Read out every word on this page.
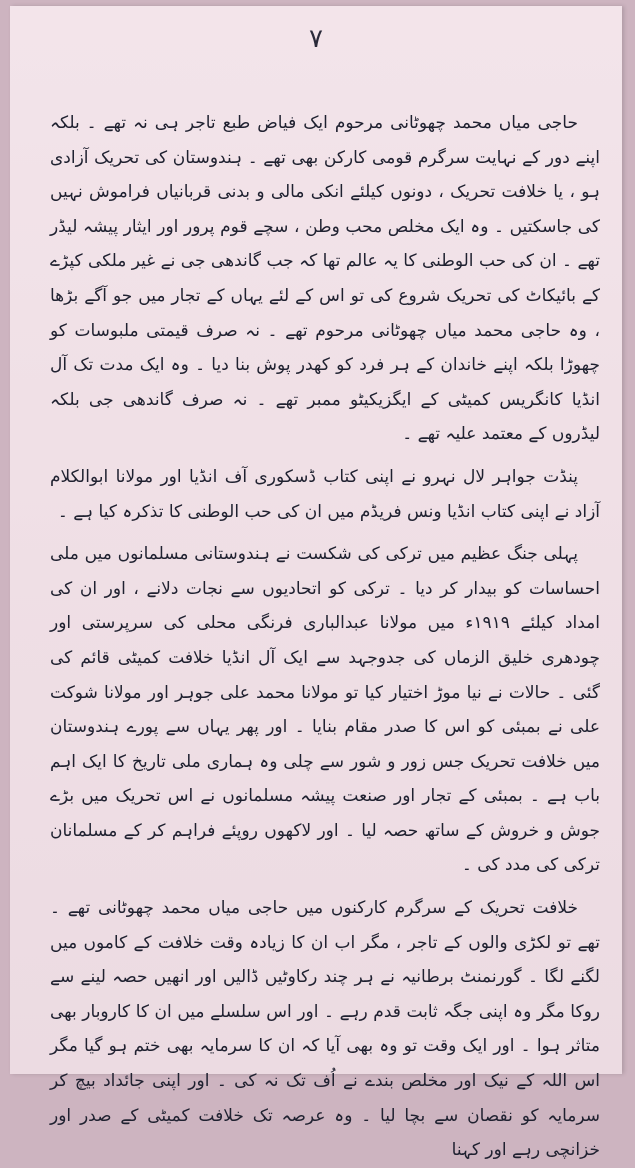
۷

حاجی میاں محمد چھوٹانی مرحوم ایک فیاض طبع تاجر ہی نہ تھے ۔ بلکہ اپنے دور کے نہایت سرگرم قومی کارکن بھی تھے ۔ ہندوستان کی تحریک آزادی ہو ، یا خلافت تحریک ، دونوں کیلئے انکی مالی و بدنی قربانیاں فراموش نہیں کی جاسکتیں ۔ وہ ایک مخلص محب وطن ، سچے قوم پرور اور ایثار پیشہ لیڈر تھے ۔ ان کی حب الوطنی کا یہ عالم تھا کہ جب گاندھی جی نے غیر ملکی کپڑے کے بائیکاٹ کی تحریک شروع کی تو اس کے لئے یہاں کے تجار میں جو آگے بڑھا ، وہ حاجی محمد میاں چھوٹانی مرحوم تھے ۔ نہ صرف قیمتی ملبوسات کو چھوڑا بلکہ اپنے خاندان کے ہر فرد کو کھدر پوش بنا دیا ۔ وہ ایک مدت تک آل انڈیا کانگریس کمیٹی کے ایگزیکیٹو ممبر تھے ۔ نہ صرف گاندھی جی بلکہ لیڈروں کے معتمد علیہ تھے ۔

پنڈت جواہر لال نہرو نے اپنی کتاب ڈسکوری آف انڈیا اور مولانا ابوالکلام آزاد نے اپنی کتاب انڈیا ونس فریڈم میں ان کی حب الوطنی کا تذکرہ کیا ہے ۔

پہلی جنگ عظیم میں ترکی کی شکست نے ہندوستانی مسلمانوں میں ملی احساسات کو بیدار کر دیا ۔ ترکی کو اتحادیوں سے نجات دلانے ، اور ان کی امداد کیلئے ۱۹۱۹ء میں مولانا عبدالباری فرنگی محلی کی سرپرستی اور چودھری خلیق الزماں کی جدوجہد سے ایک آل انڈیا خلافت کمیٹی قائم کی گئی ۔ حالات نے نیا موڑ اختیار کیا تو مولانا محمد علی جوہر اور مولانا شوکت علی نے بمبئی کو اس کا صدر مقام بنایا ۔ اور پھر یہاں سے پورے ہندوستان میں خلافت تحریک جس زور و شور سے چلی وہ ہماری ملی تاریخ کا ایک اہم باب ہے ۔ بمبئی کے تجار اور صنعت پیشہ مسلمانوں نے اس تحریک میں بڑے جوش و خروش کے ساتھ حصہ لیا ۔ اور لاکھوں روپئے فراہم کر کے مسلمانان ترکی کی مدد کی ۔

خلافت تحریک کے سرگرم کارکنوں میں حاجی میاں محمد چھوٹانی تھے ۔ تھے تو لکڑی والوں کے تاجر ، مگر اب ان کا زیادہ وقت خلافت کے کاموں میں لگنے لگا ۔ گورنمنٹ برطانیہ نے ہر چند رکاوٹیں ڈالیں اور انھیں حصہ لینے سے روکا مگر وہ اپنی جگہ ثابت قدم رہے ۔ اور اس سلسلے میں ان کا کاروبار بھی متاثر ہوا ۔ اور ایک وقت تو وہ بھی آیا کہ ان کا سرمایہ بھی ختم ہو گیا مگر اس اللہ کے نیک اور مخلص بندے نے اُف تک نہ کی ۔ اور اپنی جائداد بیچ کر سرمایہ کو نقصان سے بچا لیا ۔ وہ عرصہ تک خلافت کمیٹی کے صدر اور خزانچی رہے اور کہنا
